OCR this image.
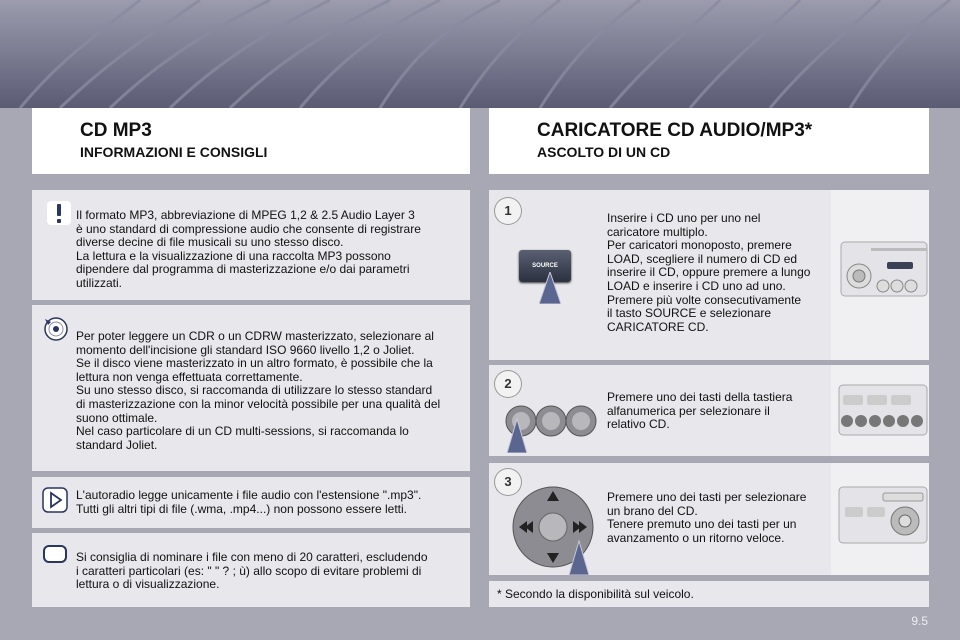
CD MP3
INFORMAZIONI E CONSIGLI
CARICATORE CD AUDIO/MP3*
ASCOLTO DI UN CD

Il formato MP3, abbreviazione di MPEG 1,2 & 2.5 Audio Layer 3
è uno standard di compressione audio che consente di registrare
diverse decine di file musicali su uno stesso disco.
La lettura e la visualizzazione di una raccolta MP3 possono
dipendere dal programma di masterizzazione e/o dai parametri
utilizzati.

Per poter leggere un CDR o un CDRW masterizzato, selezionare al
momento dell'incisione gli standard ISO 9660 livello 1,2 o Joliet.
Se il disco viene masterizzato in un altro formato, è possibile che la
lettura non venga effettuata correttamente.
Su uno stesso disco, si raccomanda di utilizzare lo stesso standard
di masterizzazione con la minor velocità possibile per una qualità del
suono ottimale.
Nel caso particolare di un CD multi-sessions, si raccomanda lo
standard Joliet.

L'autoradio legge unicamente i file audio con l'estensione ".mp3".
Tutti gli altri tipi di file (.wma, .mp4...) non possono essere letti.

Si consiglia di nominare i file con meno di 20 caratteri, escludendo
i caratteri particolari (es: " " ? ; ù) allo scopo di evitare problemi di
lettura o di visualizzazione.

1
SOURCE

Inserire i CD uno per uno nel
caricatore multiplo.
Per caricatori monoposto, premere
LOAD, scegliere il numero di CD ed
inserire il CD, oppure premere a lungo
LOAD e inserire i CD uno ad uno.
Premere più volte consecutivamente
il tasto SOURCE e selezionare
CARICATORE CD.

2

Premere uno dei tasti della tastiera
alfanumerica per selezionare il
relativo CD.

3

Premere uno dei tasti per selezionare
un brano del CD.
Tenere premuto uno dei tasti per un
avanzamento o un ritorno veloce.

* Secondo la disponibilità sul veicolo.
9.5
